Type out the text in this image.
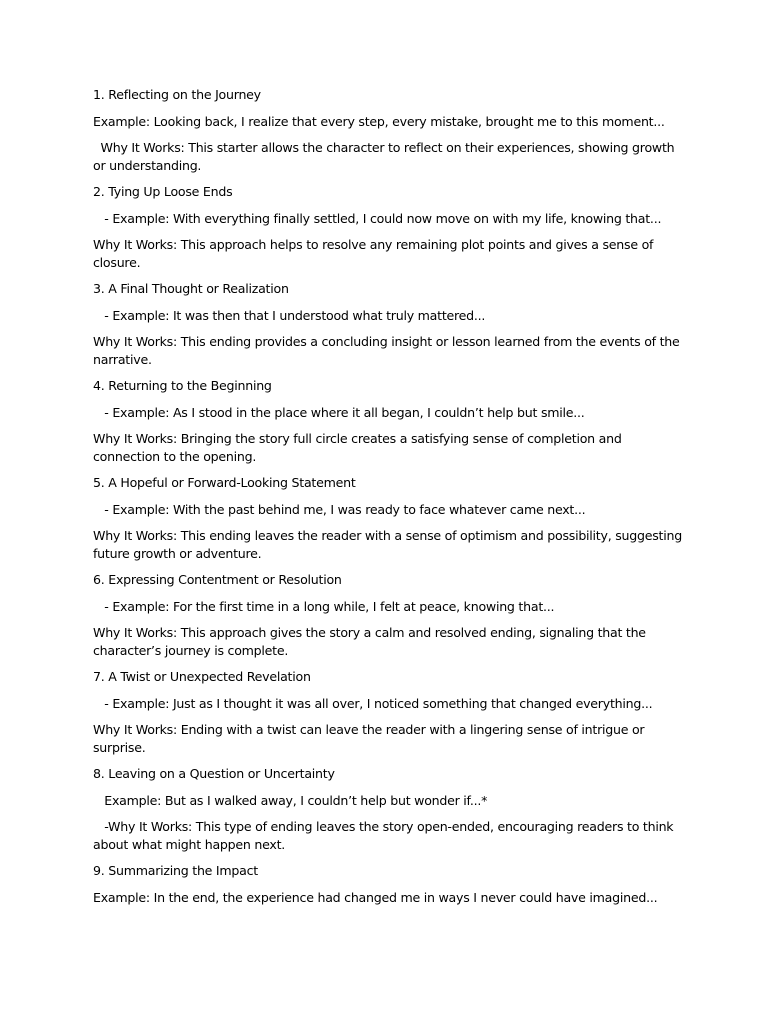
1. Reflecting on the Journey

Example: Looking back, I realize that every step, every mistake, brought me to this moment...

Why It Works: This starter allows the character to reflect on their experiences, showing growth or understanding.

2. Tying Up Loose Ends

- Example: With everything finally settled, I could now move on with my life, knowing that...

Why It Works: This approach helps to resolve any remaining plot points and gives a sense of closure.

3. A Final Thought or Realization

- Example: It was then that I understood what truly mattered...

Why It Works: This ending provides a concluding insight or lesson learned from the events of the narrative.

4. Returning to the Beginning

- Example: As I stood in the place where it all began, I couldn’t help but smile...

Why It Works: Bringing the story full circle creates a satisfying sense of completion and connection to the opening.

5. A Hopeful or Forward-Looking Statement

- Example: With the past behind me, I was ready to face whatever came next...

Why It Works: This ending leaves the reader with a sense of optimism and possibility, suggesting future growth or adventure.

6. Expressing Contentment or Resolution

- Example: For the first time in a long while, I felt at peace, knowing that...

Why It Works: This approach gives the story a calm and resolved ending, signaling that the character’s journey is complete.

7. A Twist or Unexpected Revelation

- Example: Just as I thought it was all over, I noticed something that changed everything...

Why It Works: Ending with a twist can leave the reader with a lingering sense of intrigue or surprise.

8. Leaving on a Question or Uncertainty

Example: But as I walked away, I couldn’t help but wonder if...*

-Why It Works: This type of ending leaves the story open-ended, encouraging readers to think about what might happen next.

9. Summarizing the Impact

Example: In the end, the experience had changed me in ways I never could have imagined...
